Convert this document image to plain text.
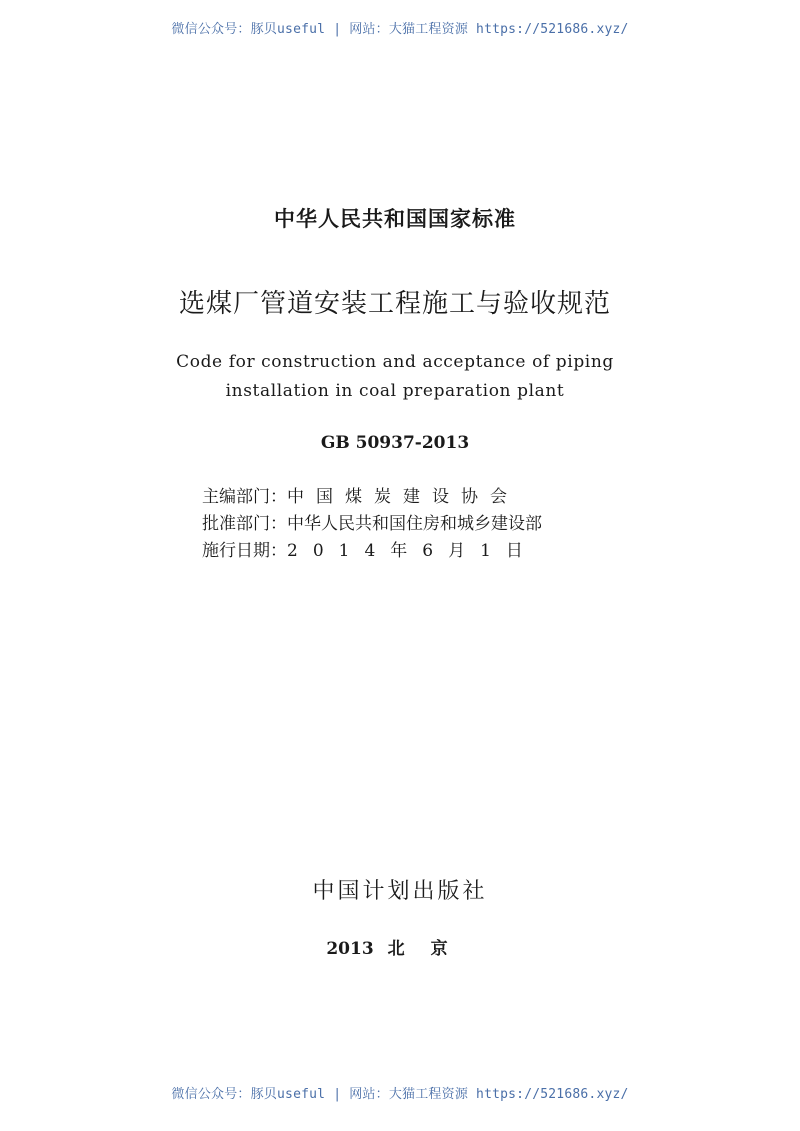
微信公众号：豚贝useful | 网站：大猫工程资源 https://521686.xyz/
中华人民共和国国家标准
选煤厂管道安装工程施工与验收规范
Code for construction and acceptance of piping
installation in coal preparation plant
GB 50937-2013
主编部门：中国煤炭建设协会
批准部门：中华人民共和国住房和城乡建设部
施行日期：2014年6月1日
中国计划出版社
2013 北京
微信公众号：豚贝useful | 网站：大猫工程资源 https://521686.xyz/
